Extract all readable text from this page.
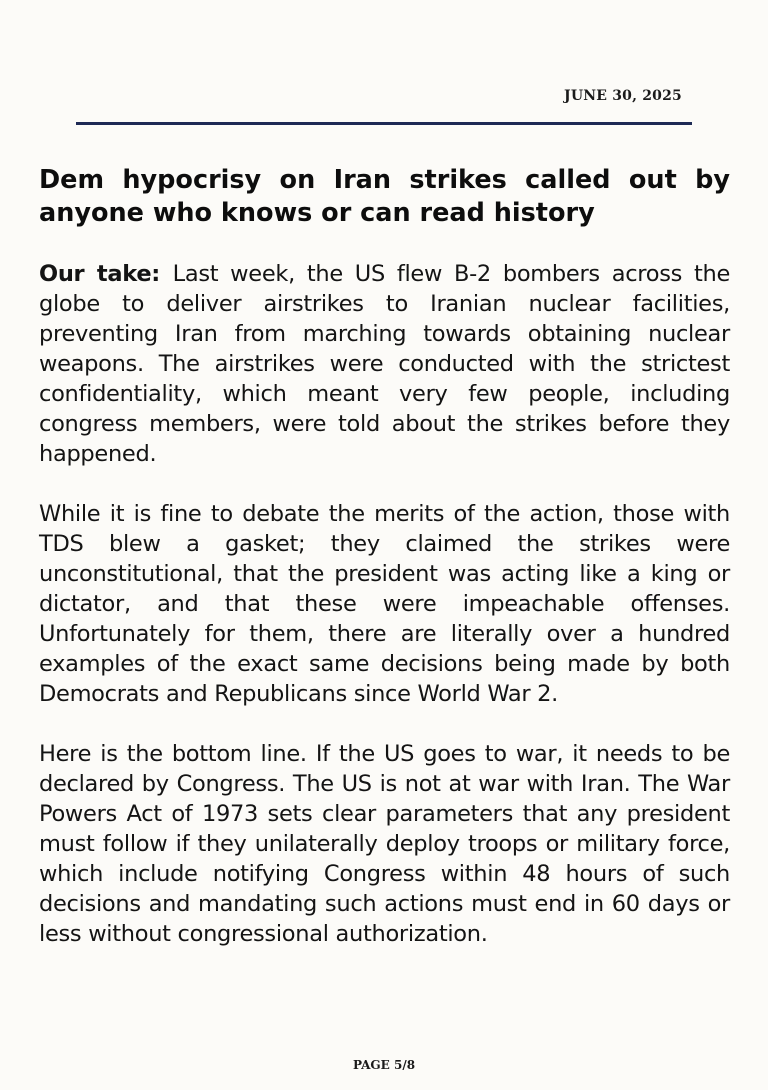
JUNE 30, 2025
Dem hypocrisy on Iran strikes called out by anyone who knows or can read history

Our take: Last week, the US flew B-2 bombers across the globe to deliver airstrikes to Iranian nuclear facilities, preventing Iran from marching towards obtaining nuclear weapons. The airstrikes were conducted with the strictest confidentiality, which meant very few people, including congress members, were told about the strikes before they happened.

While it is fine to debate the merits of the action, those with TDS blew a gasket; they claimed the strikes were unconstitutional, that the president was acting like a king or dictator, and that these were impeachable offenses. Unfortunately for them, there are literally over a hundred examples of the exact same decisions being made by both Democrats and Republicans since World War 2.

Here is the bottom line. If the US goes to war, it needs to be declared by Congress. The US is not at war with Iran. The War Powers Act of 1973 sets clear parameters that any president must follow if they unilaterally deploy troops or military force, which include notifying Congress within 48 hours of such decisions and mandating such actions must end in 60 days or less without congressional authorization.

PAGE 5/8
